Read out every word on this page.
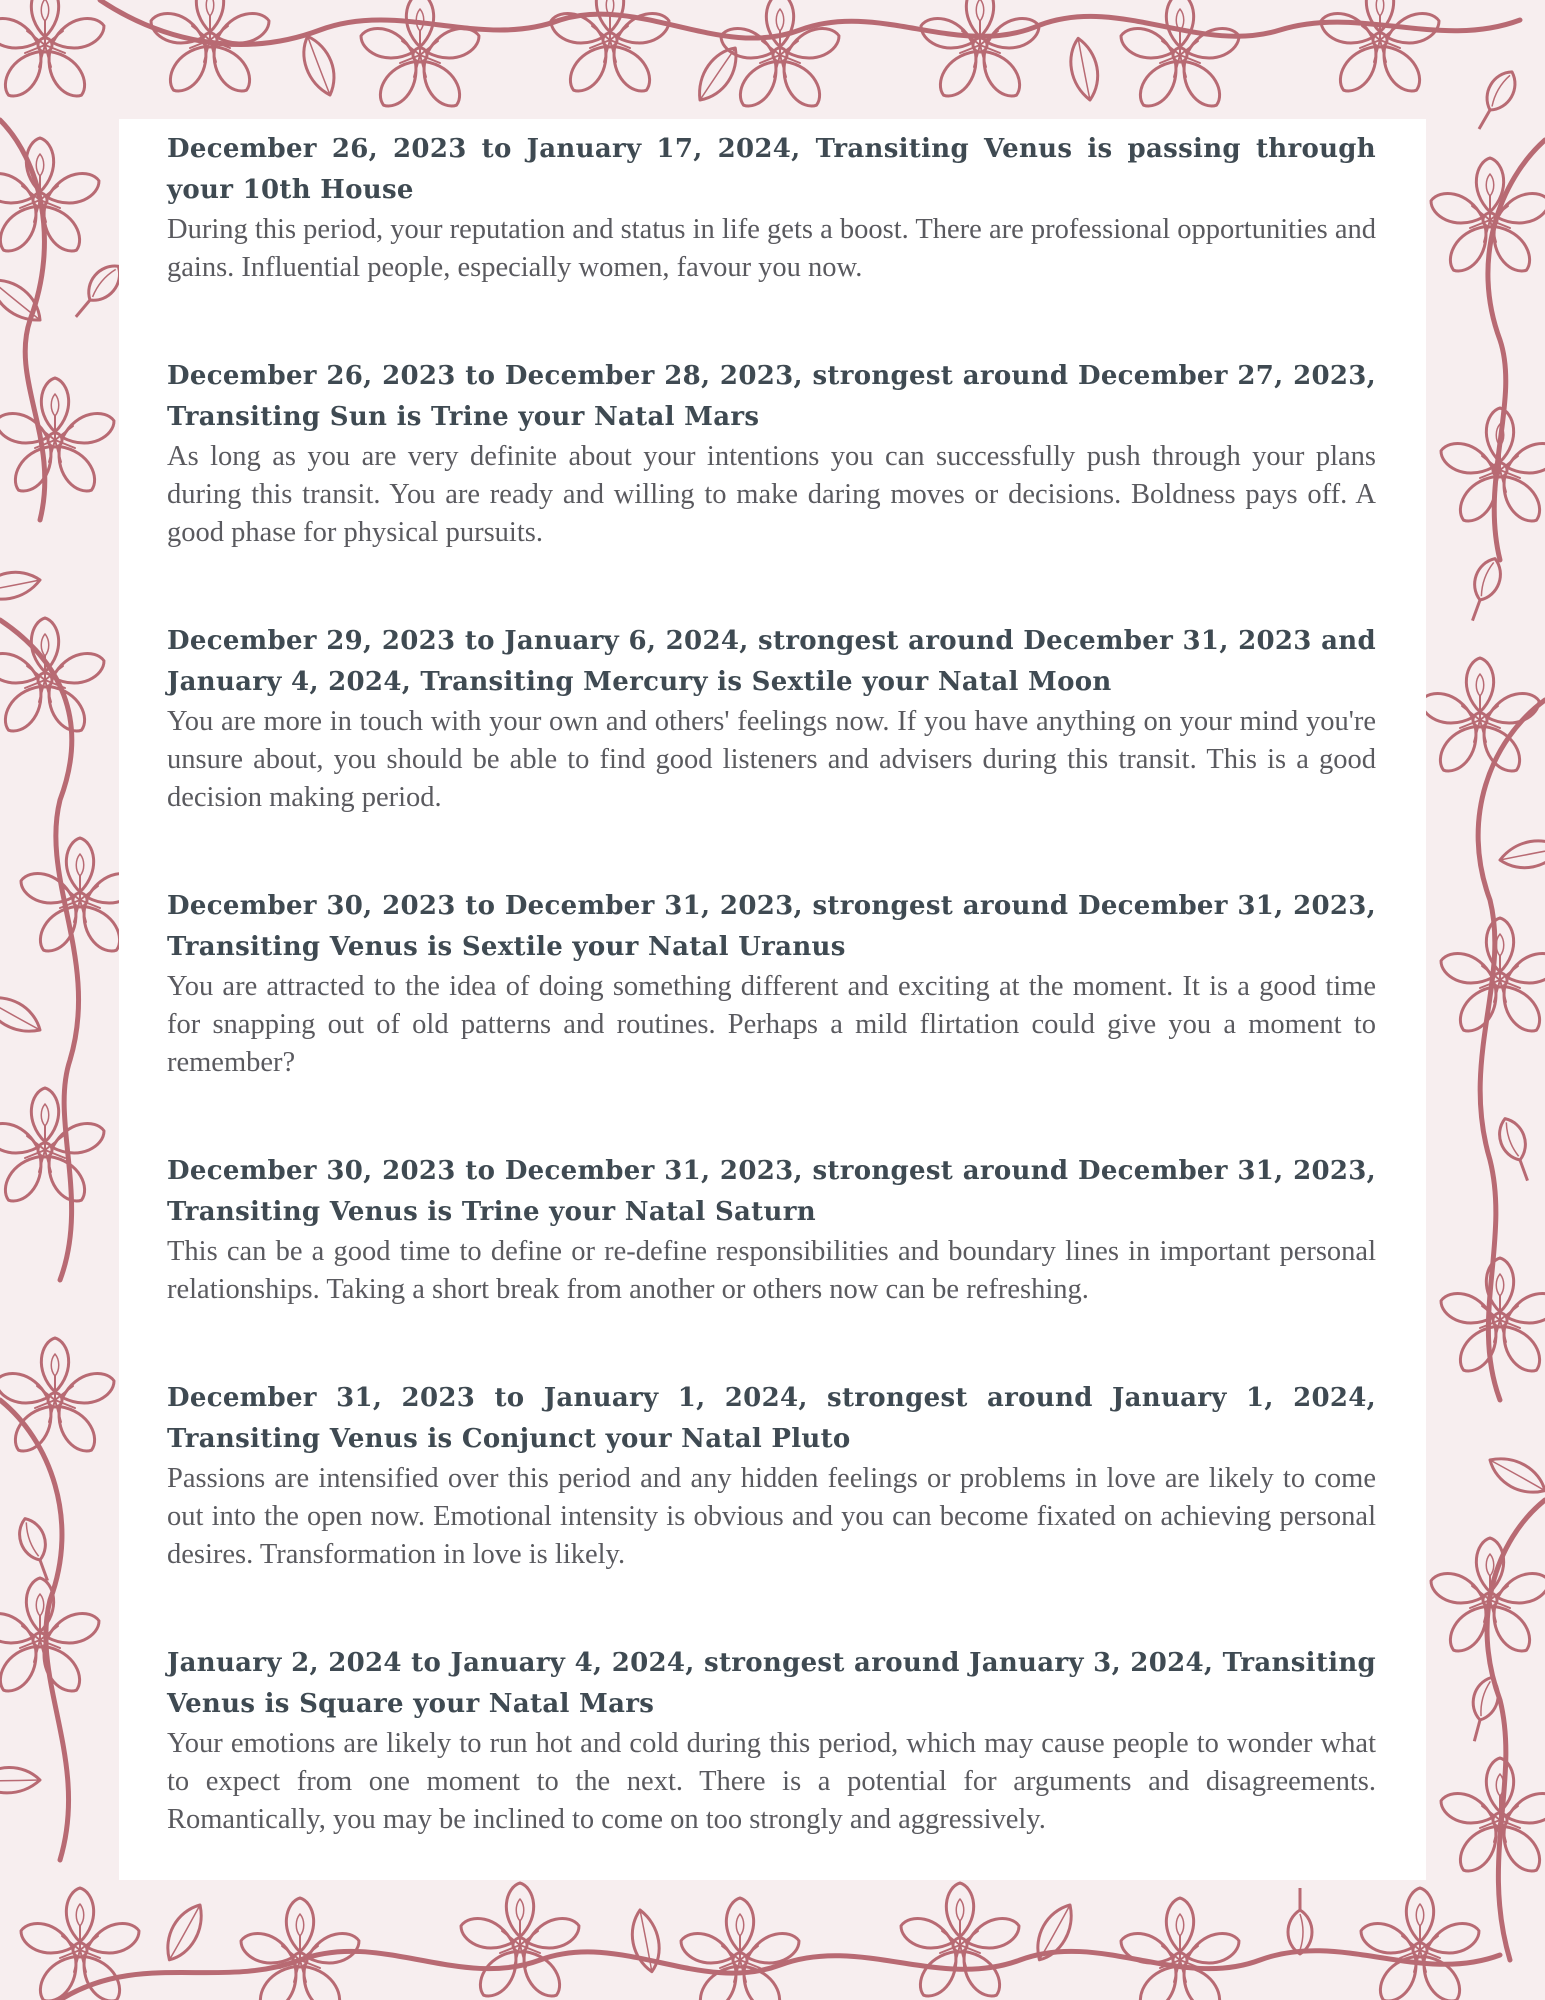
December 26, 2023 to January 17, 2024, Transiting Venus is passing through your 10th House

During this period, your reputation and status in life gets a boost. There are professional opportunities and gains. Influential people, especially women, favour you now.

December 26, 2023 to December 28, 2023, strongest around December 27, 2023, Transiting Sun is Trine your Natal Mars

As long as you are very definite about your intentions you can successfully push through your plans during this transit. You are ready and willing to make daring moves or decisions. Boldness pays off. A good phase for physical pursuits.

December 29, 2023 to January 6, 2024, strongest around December 31, 2023 and January 4, 2024, Transiting Mercury is Sextile your Natal Moon

You are more in touch with your own and others' feelings now. If you have anything on your mind you're unsure about, you should be able to find good listeners and advisers during this transit. This is a good decision making period.

December 30, 2023 to December 31, 2023, strongest around December 31, 2023, Transiting Venus is Sextile your Natal Uranus

You are attracted to the idea of doing something different and exciting at the moment. It is a good time for snapping out of old patterns and routines. Perhaps a mild flirtation could give you a moment to remember?

December 30, 2023 to December 31, 2023, strongest around December 31, 2023, Transiting Venus is Trine your Natal Saturn

This can be a good time to define or re-define responsibilities and boundary lines in important personal relationships. Taking a short break from another or others now can be refreshing.

December 31, 2023 to January 1, 2024, strongest around January 1, 2024, Transiting Venus is Conjunct your Natal Pluto

Passions are intensified over this period and any hidden feelings or problems in love are likely to come out into the open now. Emotional intensity is obvious and you can become fixated on achieving personal desires. Transformation in love is likely.

January 2, 2024 to January 4, 2024, strongest around January 3, 2024, Transiting Venus is Square your Natal Mars

Your emotions are likely to run hot and cold during this period, which may cause people to wonder what to expect from one moment to the next. There is a potential for arguments and disagreements. Romantically, you may be inclined to come on too strongly and aggressively.
